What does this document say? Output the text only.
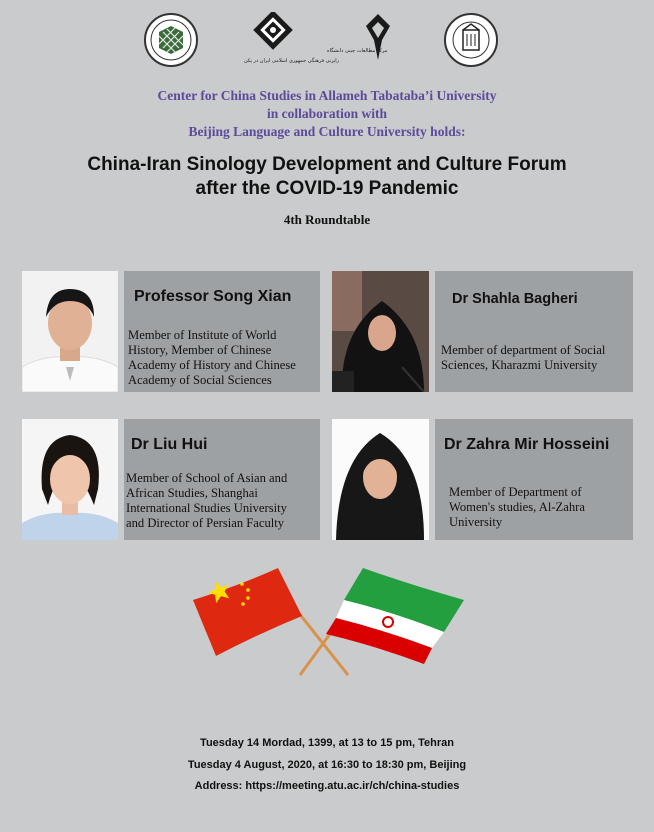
رایزنی فرهنگی جمهوری اسلامی ایران در پکن
مرکز مطالعات چینی دانشگاه
Center for China Studies in Allameh Tabataba’i University
in collaboration with
Beijing Language and Culture University holds:
China-Iran Sinology Development and Culture Forum
after the COVID-19 Pandemic
4th Roundtable
Professor Song Xian
Member of Institute of World
History, Member of Chinese
Academy of History and Chinese
Academy of Social Sciences
Dr Shahla Bagheri
Member of department of Social
Sciences, Kharazmi University
Dr Liu Hui
Member of School of Asian and
African Studies, Shanghai
International Studies University
and Director of Persian Faculty
Dr Zahra Mir Hosseini
Member of Department of
Women's studies, Al-Zahra
University
Tuesday 14 Mordad, 1399, at 13 to 15 pm, Tehran
Tuesday 4 August, 2020, at 16:30 to 18:30 pm, Beijing
Address: https://meeting.atu.ac.ir/ch/china-studies
